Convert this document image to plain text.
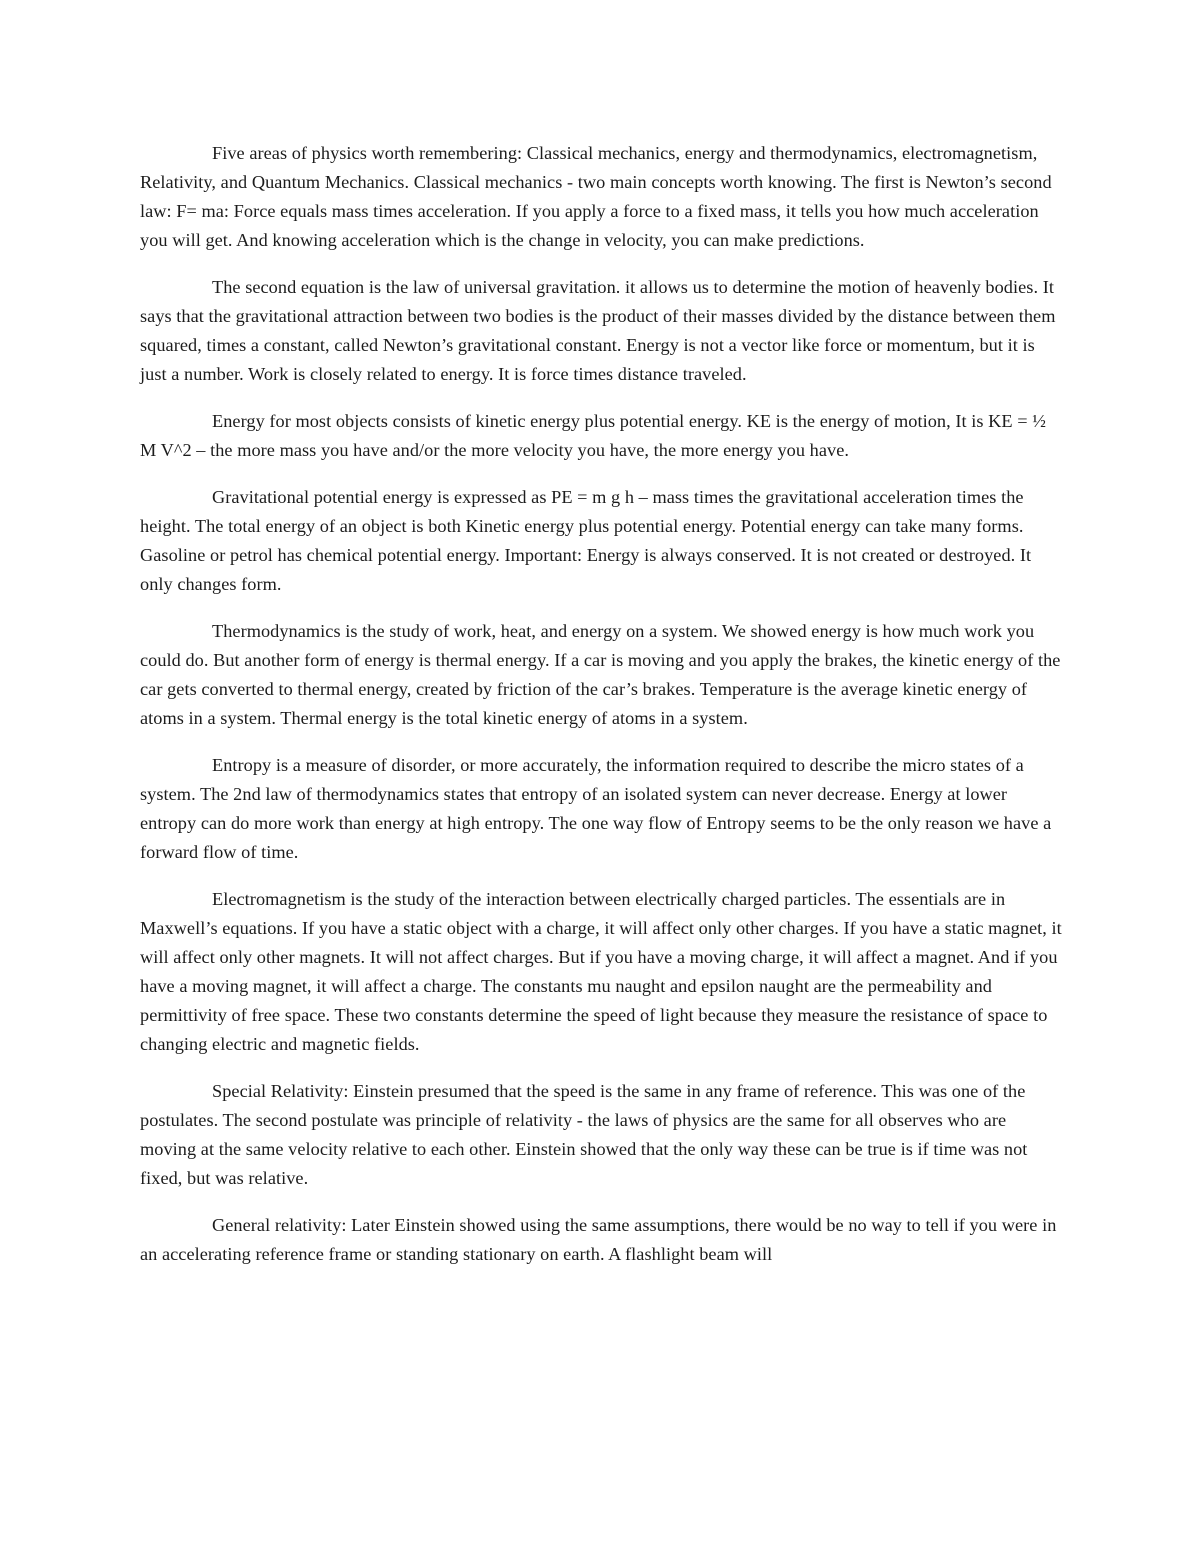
Five areas of physics worth remembering: Classical mechanics, energy and thermodynamics, electromagnetism, Relativity, and Quantum Mechanics. Classical mechanics - two main concepts worth knowing. The first is Newton’s second law: F= ma: Force equals mass times acceleration. If you apply a force to a fixed mass, it tells you how much acceleration you will get. And knowing acceleration which is the change in velocity, you can make predictions.

The second equation is the law of universal gravitation. it allows us to determine the motion of heavenly bodies. It says that the gravitational attraction between two bodies is the product of their masses divided by the distance between them squared, times a constant, called Newton’s gravitational constant. Energy is not a vector like force or momentum, but it is just a number. Work is closely related to energy. It is force times distance traveled.

Energy for most objects consists of kinetic energy plus potential energy. KE is the energy of motion, It is KE = ½ M V^2 – the more mass you have and/or the more velocity you have, the more energy you have.

Gravitational potential energy is expressed as PE = m g h – mass times the gravitational acceleration times the height. The total energy of an object is both Kinetic energy plus potential energy. Potential energy can take many forms. Gasoline or petrol has chemical potential energy. Important: Energy is always conserved. It is not created or destroyed. It only changes form.

Thermodynamics is the study of work, heat, and energy on a system. We showed energy is how much work you could do. But another form of energy is thermal energy. If a car is moving and you apply the brakes, the kinetic energy of the car gets converted to thermal energy, created by friction of the car’s brakes. Temperature is the average kinetic energy of atoms in a system. Thermal energy is the total kinetic energy of atoms in a system.

Entropy is a measure of disorder, or more accurately, the information required to describe the micro states of a system. The 2nd law of thermodynamics states that entropy of an isolated system can never decrease. Energy at lower entropy can do more work than energy at high entropy. The one way flow of Entropy seems to be the only reason we have a forward flow of time.

Electromagnetism is the study of the interaction between electrically charged particles. The essentials are in Maxwell’s equations. If you have a static object with a charge, it will affect only other charges. If you have a static magnet, it will affect only other magnets. It will not affect charges. But if you have a moving charge, it will affect a magnet. And if you have a moving magnet, it will affect a charge. The constants mu naught and epsilon naught are the permeability and permittivity of free space. These two constants determine the speed of light because they measure the resistance of space to changing electric and magnetic fields.

Special Relativity: Einstein presumed that the speed is the same in any frame of reference. This was one of the postulates. The second postulate was principle of relativity - the laws of physics are the same for all observes who are moving at the same velocity relative to each other. Einstein showed that the only way these can be true is if time was not fixed, but was relative.

General relativity: Later Einstein showed using the same assumptions, there would be no way to tell if you were in an accelerating reference frame or standing stationary on earth. A flashlight beam will
